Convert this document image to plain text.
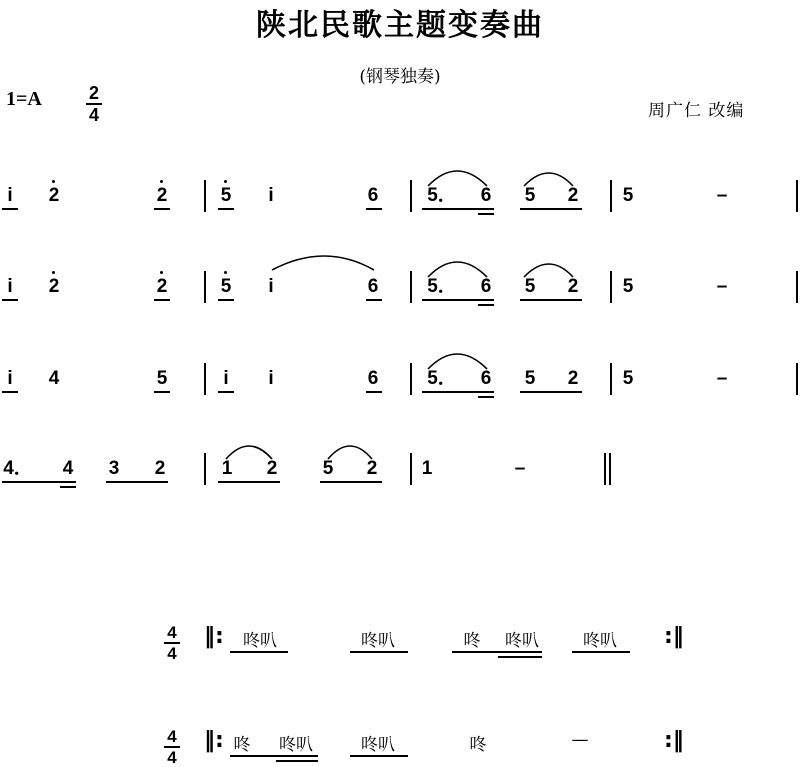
陕北民歌主题变奏曲
(钢琴独奏)
1=A	2
4	周广仁 改编
i 2	2	5 i	6	5． 6 5 2 5	–
i 2	2	5 i	6	5． 6 5 2 5	–
i 4	5	i i	6	5． 6 5 2 5	–
4． 4 3 2	1 2 5 2 1	–
4
4
‖: 咚叭	咚叭	咚 咚叭	咚叭 :‖
4
4
‖: 咚 咚叭	咚叭	咚	—	:‖
